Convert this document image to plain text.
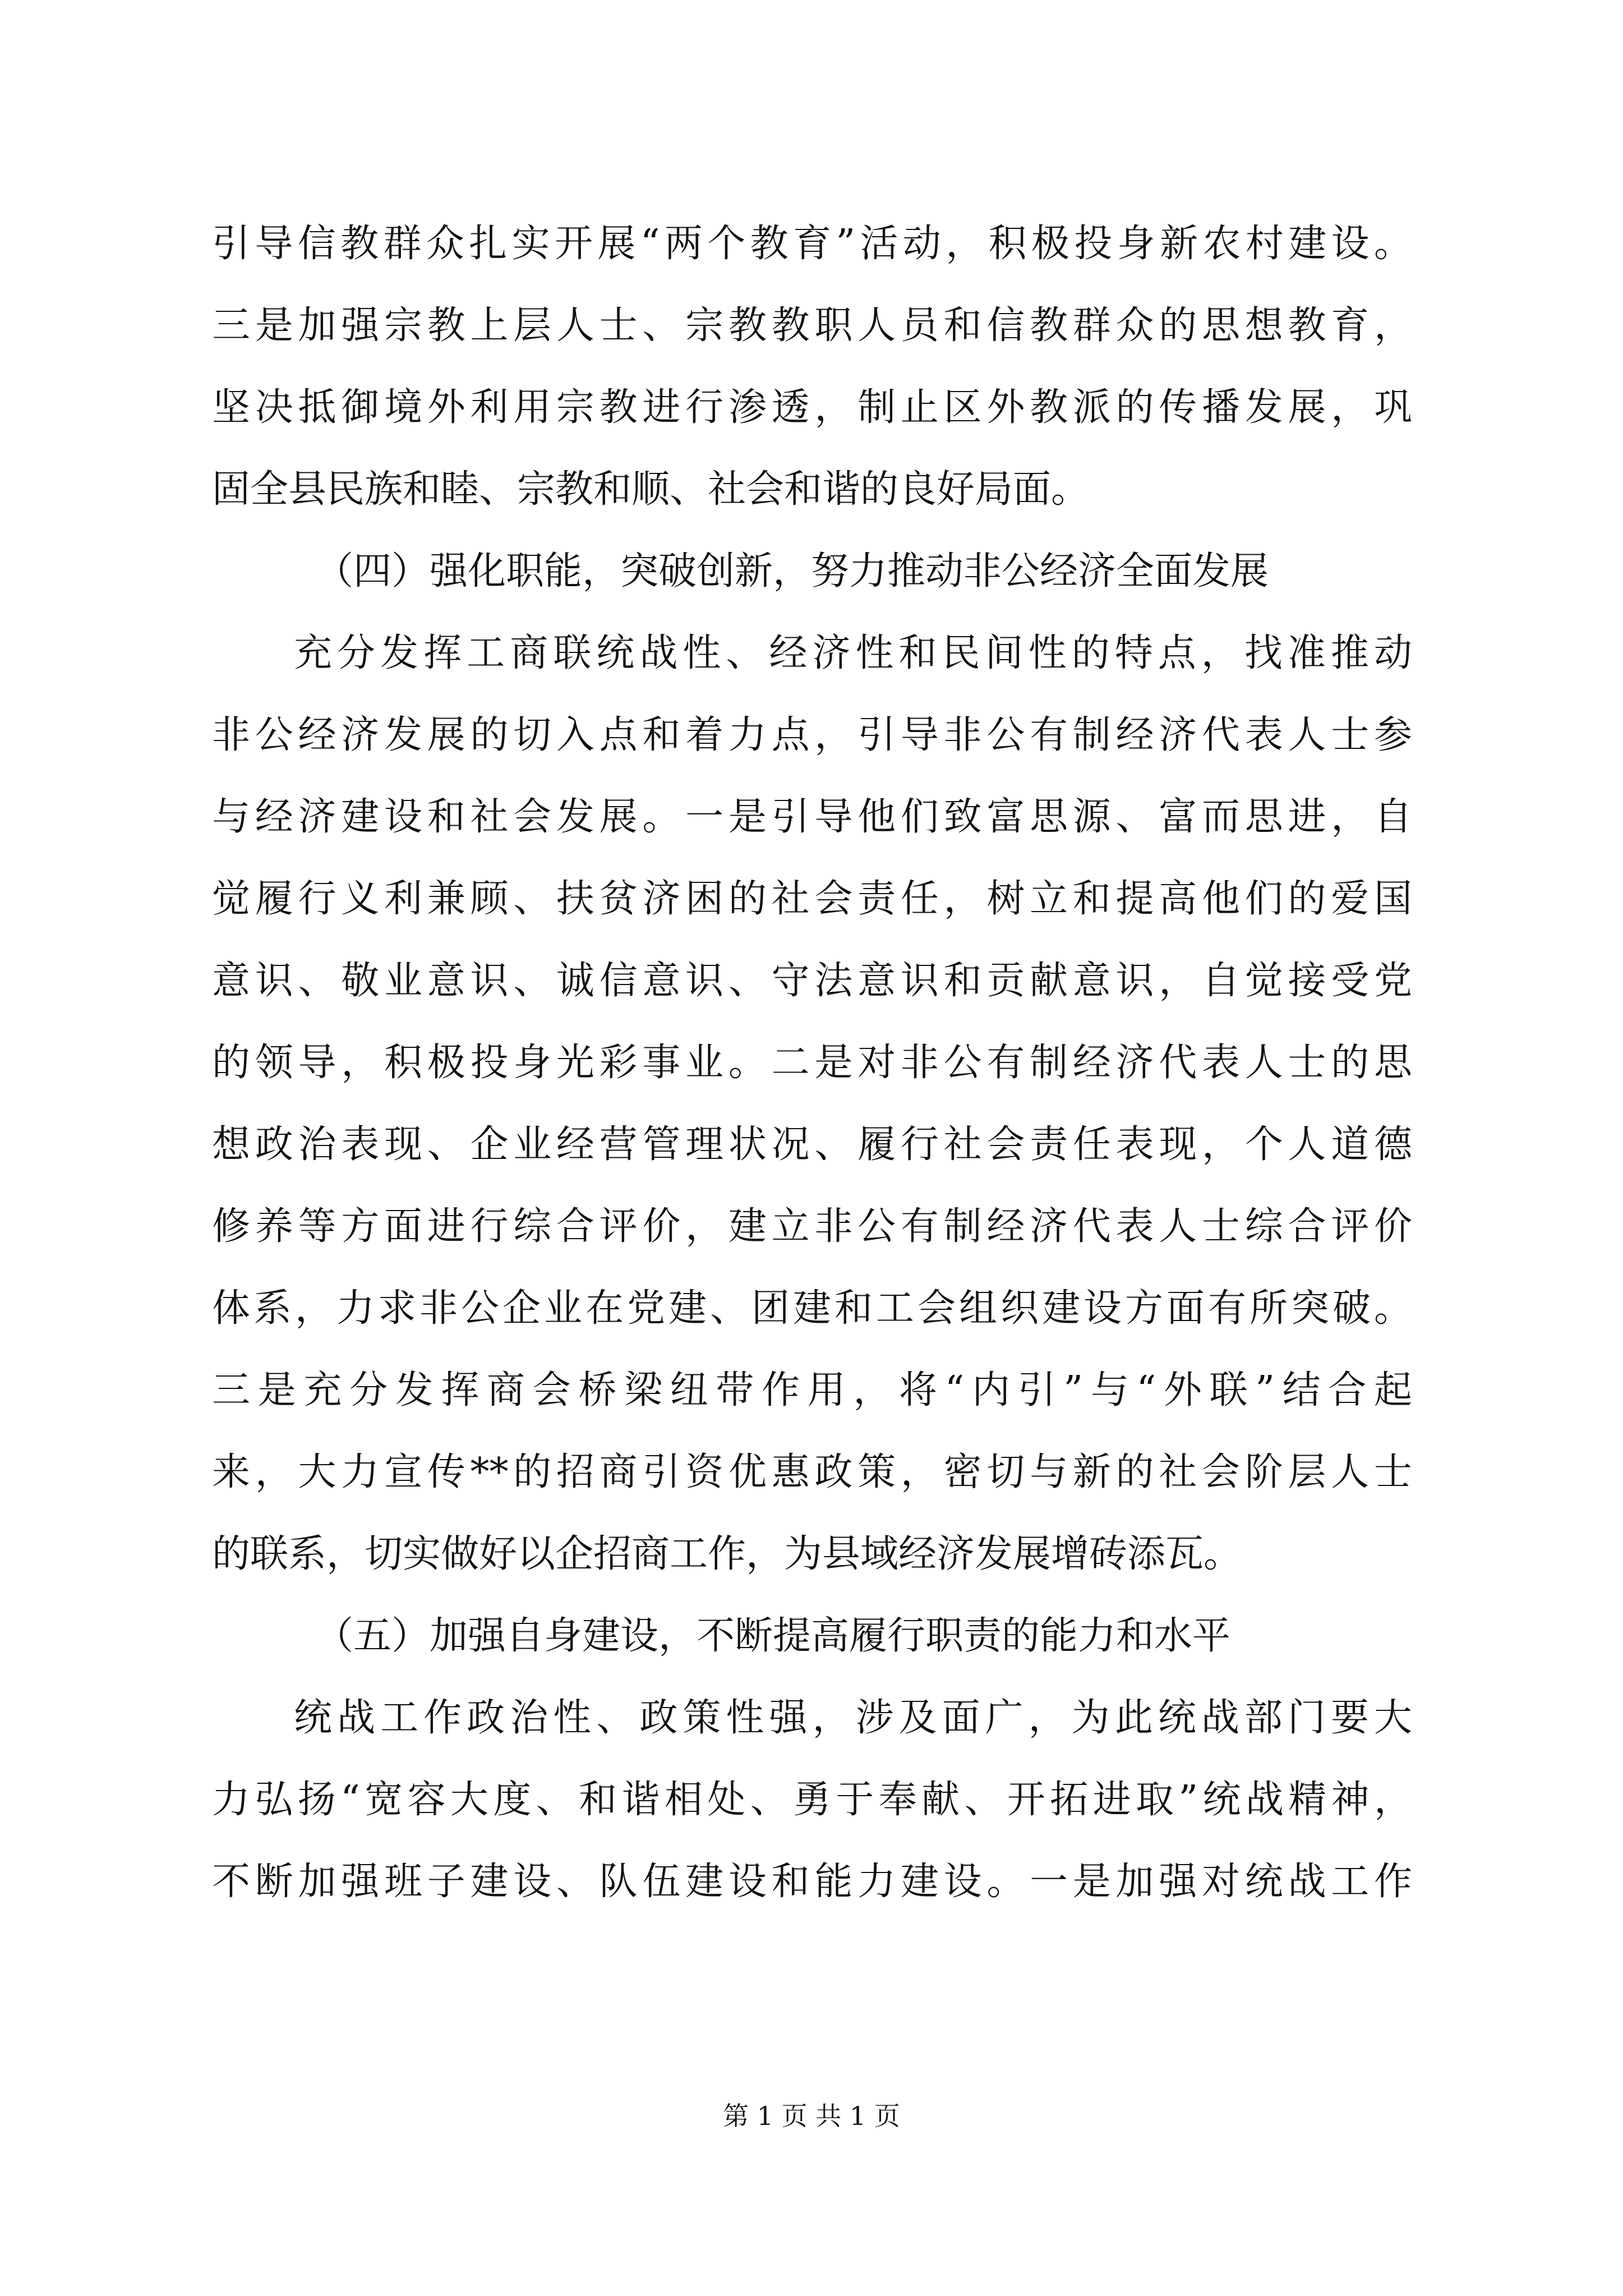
引导信教群众扎实开展“两个教育”活动，积极投身新农村建设。
三是加强宗教上层人士、宗教教职人员和信教群众的思想教育，
坚决抵御境外利用宗教进行渗透，制止区外教派的传播发展，巩
固全县民族和睦、宗教和顺、社会和谐的良好局面。
（四）强化职能，突破创新，努力推动非公经济全面发展
充分发挥工商联统战性、经济性和民间性的特点，找准推动
非公经济发展的切入点和着力点，引导非公有制经济代表人士参
与经济建设和社会发展。一是引导他们致富思源、富而思进，自
觉履行义利兼顾、扶贫济困的社会责任，树立和提高他们的爱国
意识、敬业意识、诚信意识、守法意识和贡献意识，自觉接受党
的领导，积极投身光彩事业。二是对非公有制经济代表人士的思
想政治表现、企业经营管理状况、履行社会责任表现，个人道德
修养等方面进行综合评价，建立非公有制经济代表人士综合评价
体系，力求非公企业在党建、团建和工会组织建设方面有所突破。
三是充分发挥商会桥梁纽带作用，将“内引”与“外联”结合起
来，大力宣传**的招商引资优惠政策，密切与新的社会阶层人士
的联系，切实做好以企招商工作，为县域经济发展增砖添瓦。
（五）加强自身建设，不断提高履行职责的能力和水平
统战工作政治性、政策性强，涉及面广，为此统战部门要大
力弘扬“宽容大度、和谐相处、勇于奉献、开拓进取”统战精神，
不断加强班子建设、队伍建设和能力建设。一是加强对统战工作
第 1 页 共 1 页
